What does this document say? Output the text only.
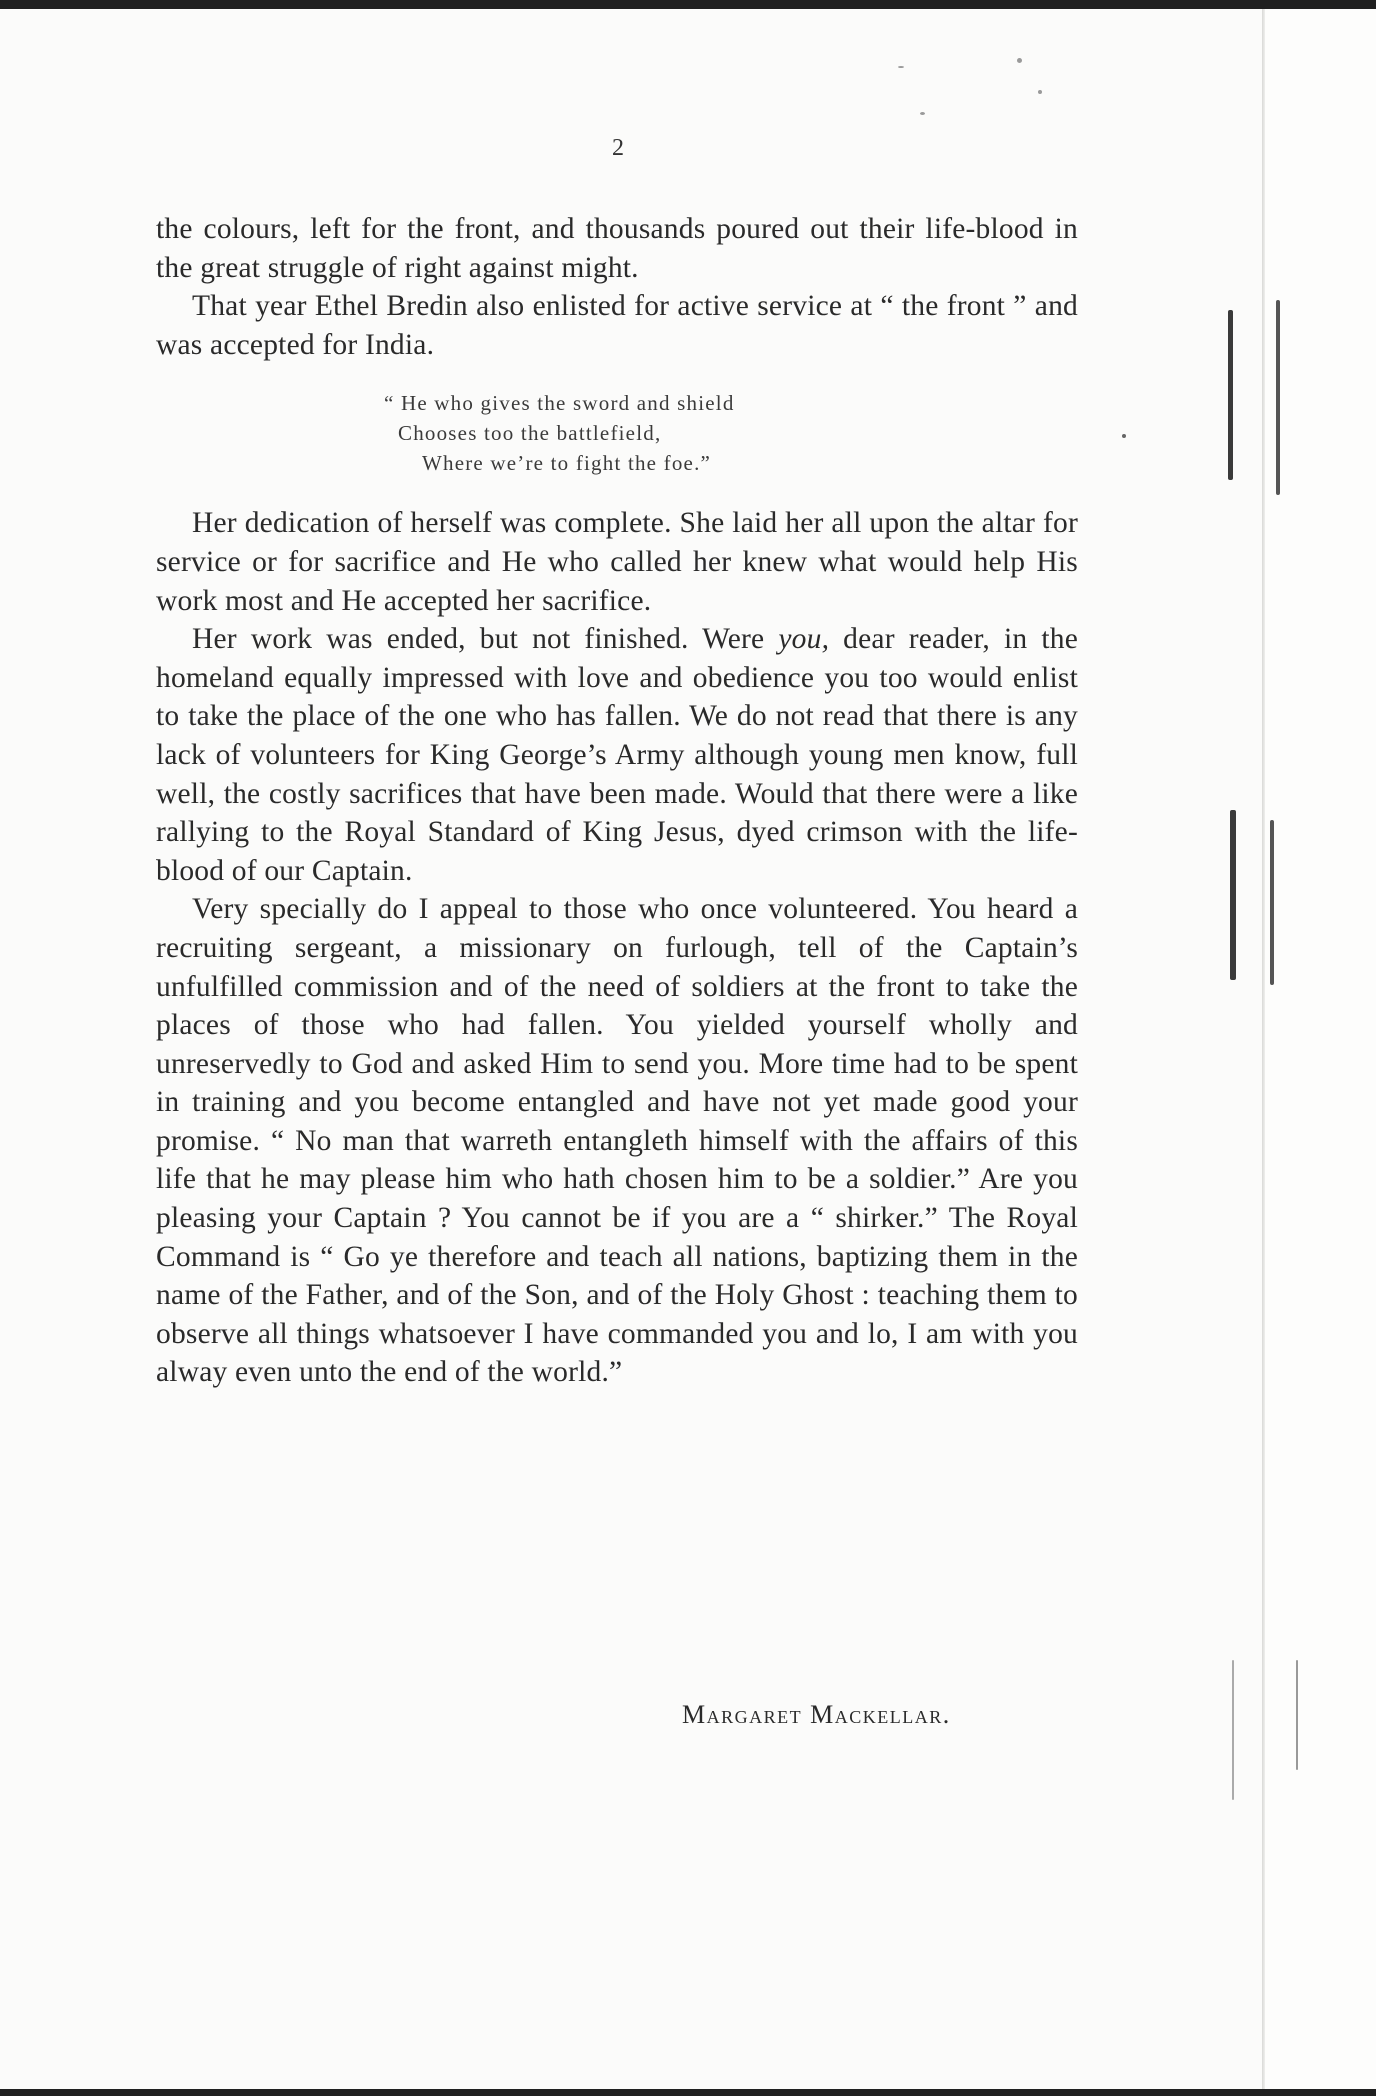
2

the colours, left for the front, and thousands poured out their life-blood in the great struggle of right against might.

That year Ethel Bredin also enlisted for active service at “ the front ” and was accepted for India.

“ He who gives the sword and shield
Chooses too the battlefield,
Where we’re to fight the foe.”

Her dedication of herself was complete. She laid her all upon the altar for service or for sacrifice and He who called her knew what would help His work most and He accepted her sacrifice.

Her work was ended, but not finished. Were you, dear reader, in the homeland equally impressed with love and obedience you too would enlist to take the place of the one who has fallen. We do not read that there is any lack of volunteers for King George’s Army although young men know, full well, the costly sacrifices that have been made. Would that there were a like rallying to the Royal Standard of King Jesus, dyed crimson with the life-blood of our Captain.

Very specially do I appeal to those who once volunteered. You heard a recruiting sergeant, a missionary on furlough, tell of the Captain’s unfulfilled commission and of the need of soldiers at the front to take the places of those who had fallen. You yielded yourself wholly and unreservedly to God and asked Him to send you. More time had to be spent in training and you become entangled and have not yet made good your promise. “ No man that warreth entangleth himself with the affairs of this life that he may please him who hath chosen him to be a soldier.” Are you pleasing your Captain ? You cannot be if you are a “ shirker.” The Royal Command is “ Go ye therefore and teach all nations, baptizing them in the name of the Father, and of the Son, and of the Holy Ghost : teaching them to observe all things whatsoever I have commanded you and lo, I am with you alway even unto the end of the world.”

Margaret Mackellar.
